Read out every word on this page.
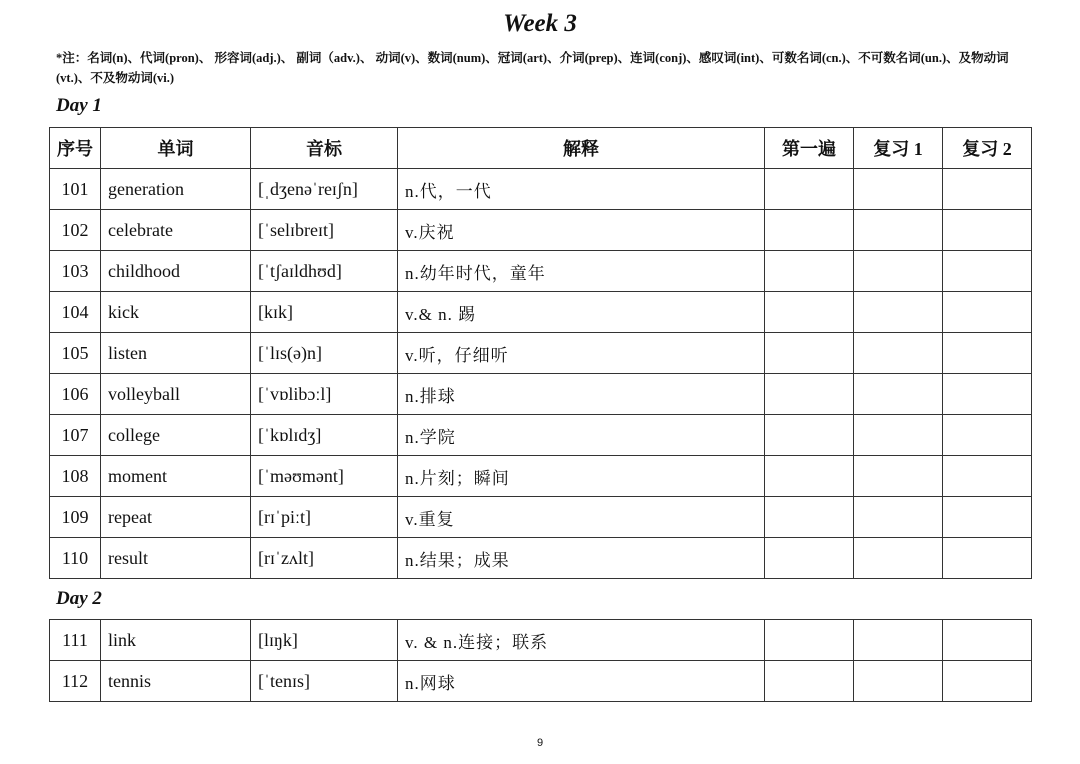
Week 3
*注：名词(n)、代词(pron)、 形容词(adj.)、 副词（adv.)、 动词(v)、数词(num)、冠词(art)、介词(prep)、连词(conj)、感叹词(int)、可数名词(cn.)、不可数名词(un.)、及物动词(vt.)、不及物动词(vi.)
Day 1
序号	单词	音标	解释	第一遍	复习 1	复习 2
101	generation	[ˌdʒenəˈreɪʃn]	n.代，一代			
102	celebrate	[ˈselɪbreɪt]	v.庆祝			
103	childhood	[ˈtʃaɪldhʊd]	n.幼年时代，童年			
104	kick	[kɪk]	v.& n. 踢			
105	listen	[ˈlɪs(ə)n]	v.听，仔细听			
106	volleyball	[ˈvɒlibɔːl]	n.排球			
107	college	[ˈkɒlɪdʒ]	n.学院			
108	moment	[ˈməʊmənt]	n.片刻；瞬间			
109	repeat	[rɪˈpiːt]	v.重复			
110	result	[rɪˈzʌlt]	n.结果；成果			
Day 2
111	link	[lɪŋk]	v. & n.连接；联系			
112	tennis	[ˈtenɪs]	n.网球			
9
